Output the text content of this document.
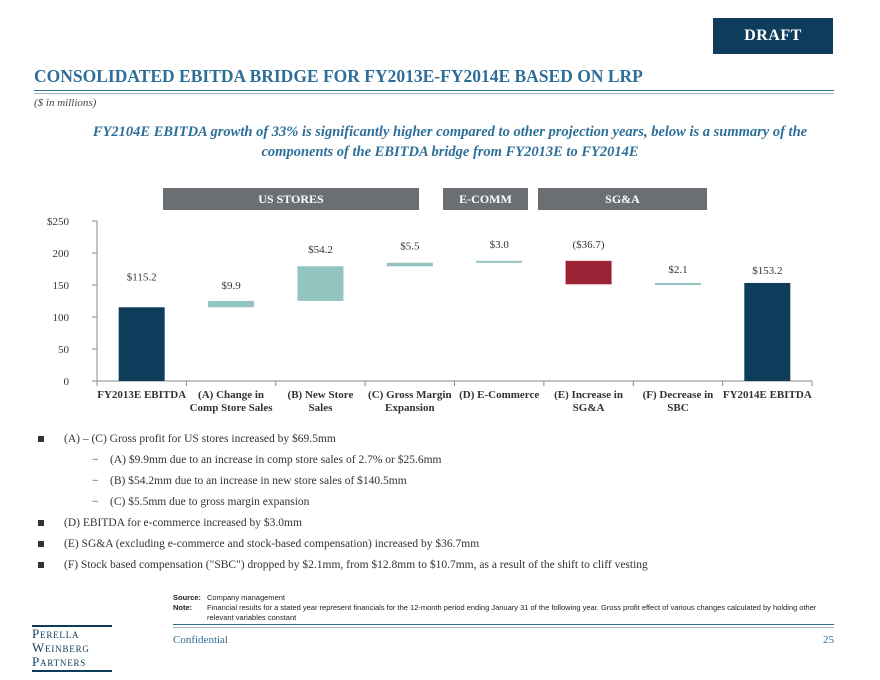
DRAFT
CONSOLIDATED EBITDA BRIDGE FOR FY2013E-FY2014E BASED ON LRP
($ in millions)
FY2104E EBITDA growth of 33% is significantly higher compared to other projection years, below is a summary of the components of the EBITDA bridge from FY2013E to FY2014E
US STORES	E-COMM	SG&A
0
50
100
150
200
$250
$115.2
FY2013E EBITDA
$9.9
(A) Change in
Comp Store Sales
$54.2
(B) New Store
Sales
$5.5
(C) Gross Margin
Expansion
$3.0
(D) E-Commerce
($36.7)
(E) Increase in
SG&A
$2.1
(F) Decrease in
SBC
$153.2
FY2014E EBITDA
(A) – (C) Gross profit for US stores increased by $69.5mm
− (A) $9.9mm due to an increase in comp store sales of 2.7% or $25.6mm
− (B) $54.2mm due to an increase in new store sales of $140.5mm
− (C) $5.5mm due to gross margin expansion
(D) EBITDA for e-commerce increased by $3.0mm
(E) SG&A (excluding e-commerce and stock-based compensation) increased by $36.7mm
(F) Stock based compensation ("SBC") dropped by $2.1mm, from $12.8mm to $10.7mm, as a result of the shift to cliff vesting
Source: Company management
Note:	Financial results for a stated year represent financials for the 12-month period ending January 31 of the following year. Gross profit effect of various changes calculated by holding other relevant variables constant
Confidential	25
Perella
Weinberg
Partners
